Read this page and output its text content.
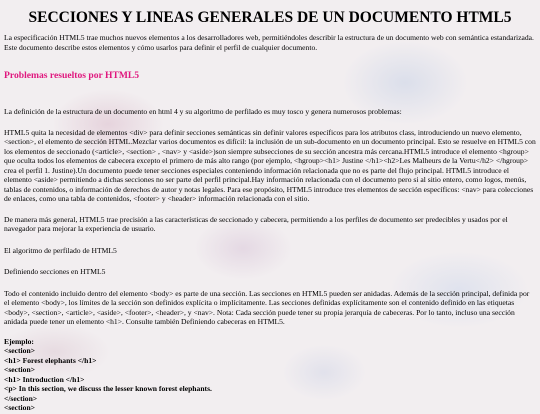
SECCIONES Y LINEAS GENERALES DE UN DOCUMENTO HTML5

La especificación HTML5 trae muchos nuevos elementos a los desarrolladores web, permitiéndoles describir la estructura de un documento web con semántica estandarizada. Este documento describe estos elementos y cómo usarlos para definir el perfil de cualquier documento.

Problemas resueltos por HTML5

La definición de la estructura de un documento en html 4 y su algoritmo de perfilado es muy tosco y genera numerosos problemas:

HTML5 quita la necesidad de elementos <div> para definir secciones semánticas sin definir valores específicos para los atributos class, introduciendo un nuevo elemento, <section>, el elemento de sección HTML.Mezclar varios documentos es difícil: la inclusión de un sub-documento en un documento principal. Esto se resuelve en HTML5 con los elementos de seccionado (<article>, <section> , <nav> y <aside>)son siempre subsecciones de su sección ancestra más cercana.HTML5 introduce el elemento <hgroup> que oculta todos los elementos de cabecera excepto el primero de más alto rango (por ejemplo, <hgroup><h1> Justine </h1><h2>Les Malheurs de la Vertu</h2> </hgroup> crea el perfil 1. Justine).Un documento puede tener secciones especiales conteniendo información relacionada que no es parte del flujo principal. HTML5 introduce el elemento <aside> permitiendo a dichas secciones no ser parte del perfil principal.Hay información relacionada con el documento pero si al sitio entero, como logos, menús, tablas de contenidos, o información de derechos de autor y notas legales. Para ese propósito, HTML5 introduce tres elementos de sección específicos: <nav> para colecciones de enlaces, como una tabla de contenidos, <footer> y <header> información relacionada con el sitio.

De manera más general, HTML5 trae precisión a las características de seccionado y cabecera, permitiendo a los perfiles de documento ser predecibles y usados por el navegador para mejorar la experiencia de usuario.

El algoritmo de perfilado de HTML5

Definiendo secciones en HTML5

Todo el contenido incluido dentro del elemento <body> es parte de una sección. Las secciones en HTML5 pueden ser anidadas. Además de la sección principal, definida por el elemento <body>, los límites de la sección son definidos explícita o implícitamente. Las secciones definidas explícitamente son el contenido definido en las etiquetas <body>, <section>, <article>, <aside>, <footer>, <header>, y <nav>. Nota: Cada sección puede tener su propia jerarquía de cabeceras. Por lo tanto, incluso una sección anidada puede tener un elemento <h1>. Consulte también Definiendo cabeceras en HTML5.

Ejemplo:
<section>
<h1> Forest elephants </h1>
<section>
<h1> Introduction </h1>
<p> In this section, we discuss the lesser known forest elephants.
</section>
<section>
